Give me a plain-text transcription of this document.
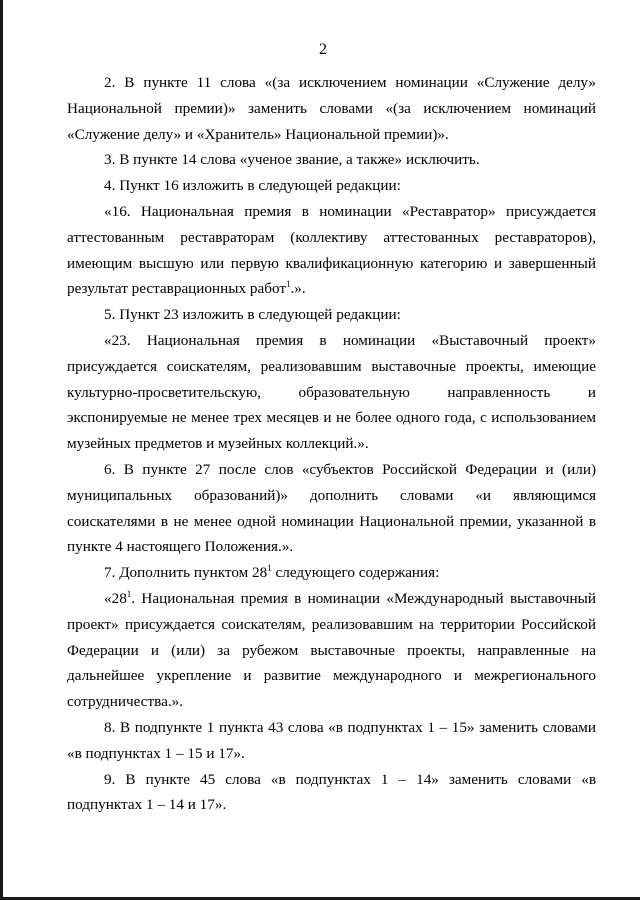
2

2. В пункте 11 слова «(за исключением номинации «Служение делу» Национальной премии)» заменить словами «(за исключением номинаций «Служение делу» и «Хранитель» Национальной премии)».

3. В пункте 14 слова «ученое звание, а также» исключить.

4. Пункт 16 изложить в следующей редакции:

«16. Национальная премия в номинации «Реставратор» присуждается аттестованным реставраторам (коллективу аттестованных реставраторов), имеющим высшую или первую квалификационную категорию и завершенный результат реставрационных работ$^1$.».

5. Пункт 23 изложить в следующей редакции:

«23. Национальная премия в номинации «Выставочный проект» присуждается соискателям, реализовавшим выставочные проекты, имеющие культурно-просветительскую, образовательную направленность и экспонируемые не менее трех месяцев и не более одного года, с использованием музейных предметов и музейных коллекций.».

6. В пункте 27 после слов «субъектов Российской Федерации и (или) муниципальных образований)» дополнить словами «и являющимся соискателями в не менее одной номинации Национальной премии, указанной в пункте 4 настоящего Положения.».

7. Дополнить пунктом $28^1$ следующего содержания:

«$28^1$. Национальная премия в номинации «Международный выставочный проект» присуждается соискателям, реализовавшим на территории Российской Федерации и (или) за рубежом выставочные проекты, направленные на дальнейшее укрепление и развитие международного и межрегионального сотрудничества.».

8. В подпункте 1 пункта 43 слова «в подпунктах 1 – 15» заменить словами «в подпунктах 1 – 15 и 17».

9. В пункте 45 слова «в подпунктах 1 – 14» заменить словами «в подпунктах 1 – 14 и 17».
